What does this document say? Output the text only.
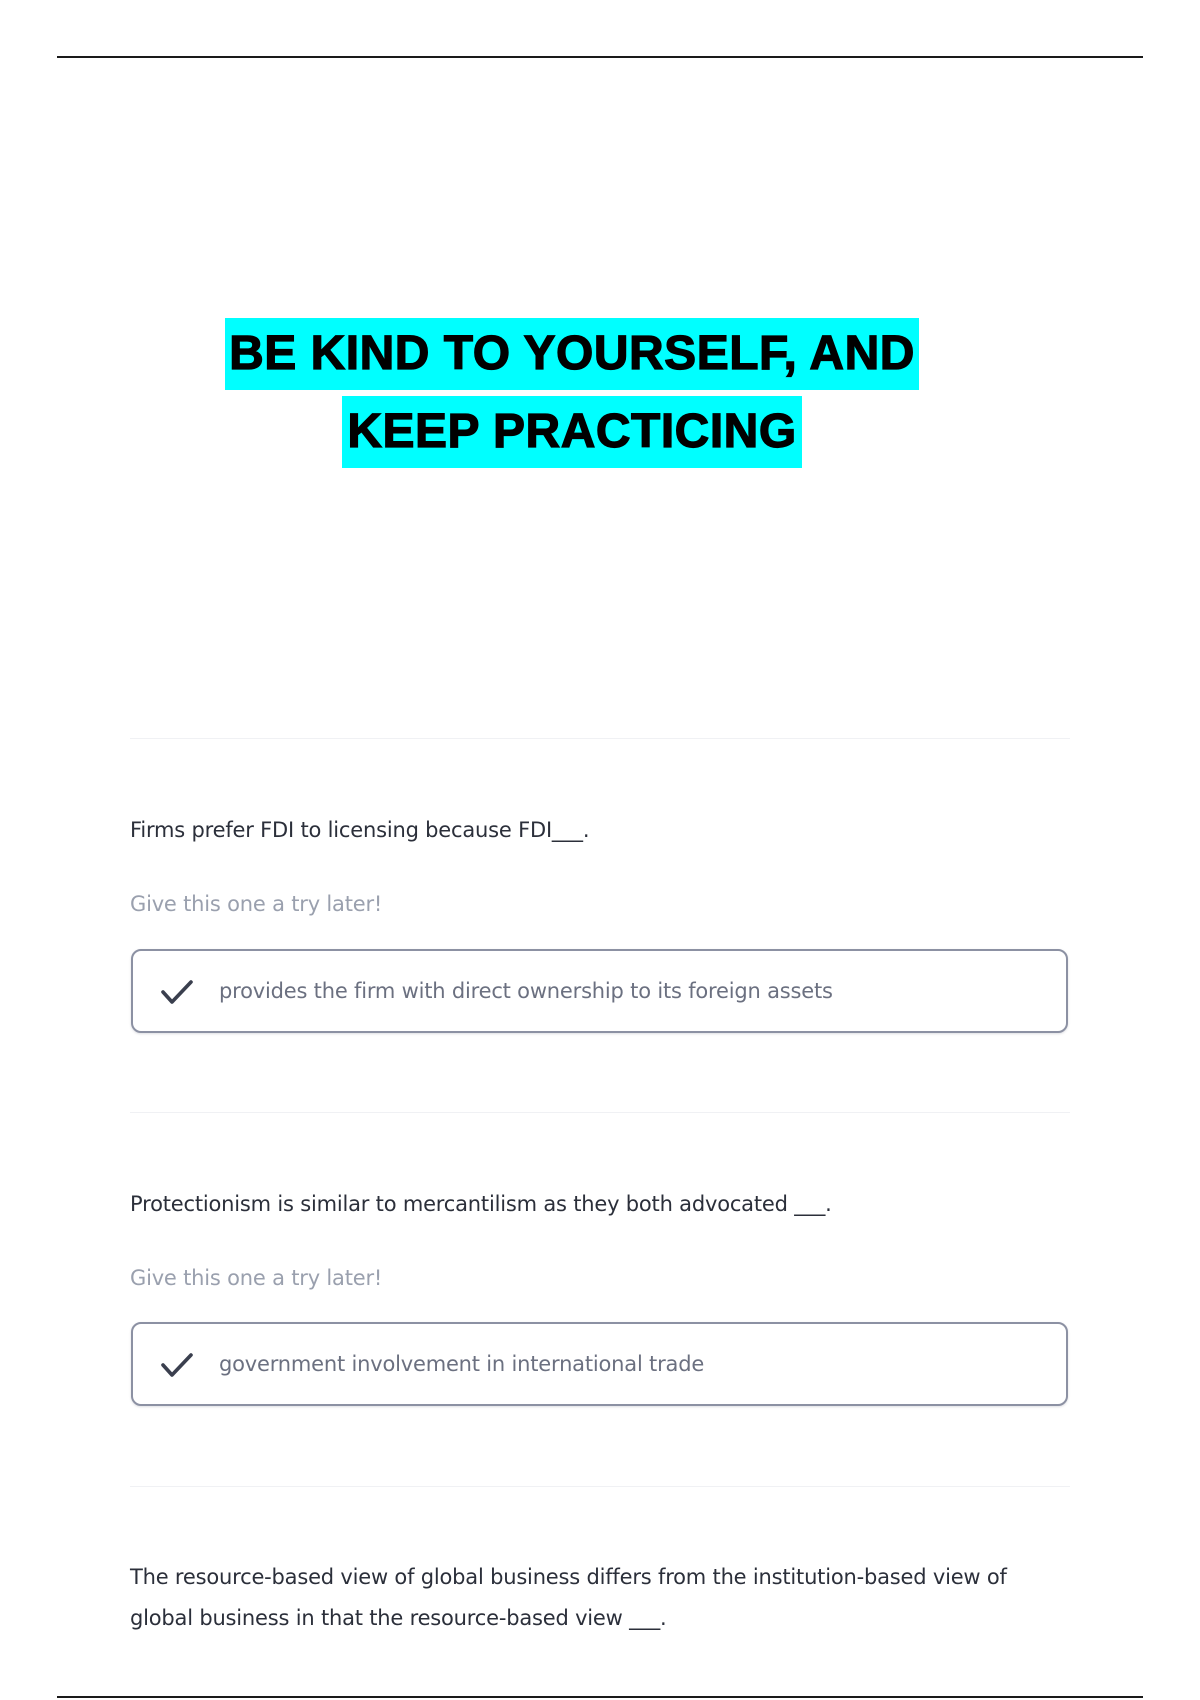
BE KIND TO YOURSELF, AND
KEEP PRACTICING
Firms prefer FDI to licensing because FDI___.
Give this one a try later!
provides the firm with direct ownership to its foreign assets
Protectionism is similar to mercantilism as they both advocated ___.
Give this one a try later!
government involvement in international trade
The resource-based view of global business differs from the institution-based view of global business in that the resource-based view ___.
